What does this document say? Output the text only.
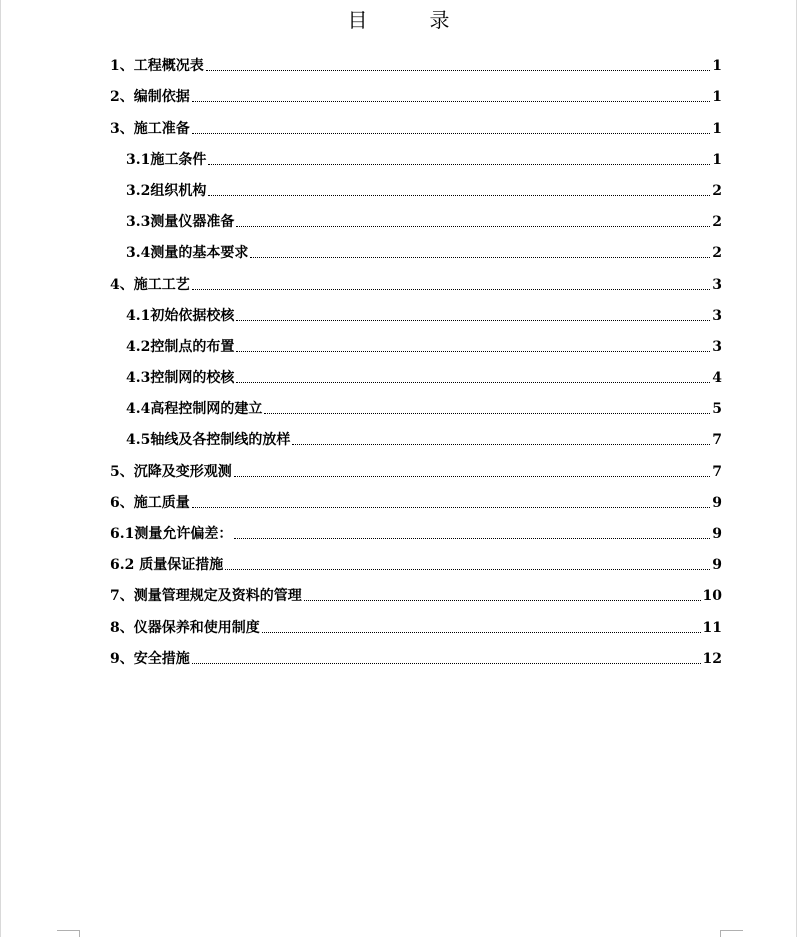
目	录
1、工程概况表	1
2、编制依据	1
3、施工准备	1
3.1施工条件	1
3.2组织机构	2
3.3测量仪器准备	2
3.4测量的基本要求	2
4、施工工艺	3
4.1初始依据校核	3
4.2控制点的布置	3
4.3控制网的校核	4
4.4高程控制网的建立	5
4.5轴线及各控制线的放样	7
5、沉降及变形观测	7
6、施工质量	9
6.1测量允许偏差：	9
6.2 质量保证措施	9
7、测量管理规定及资料的管理	10
8、仪器保养和使用制度	11
9、安全措施	12
